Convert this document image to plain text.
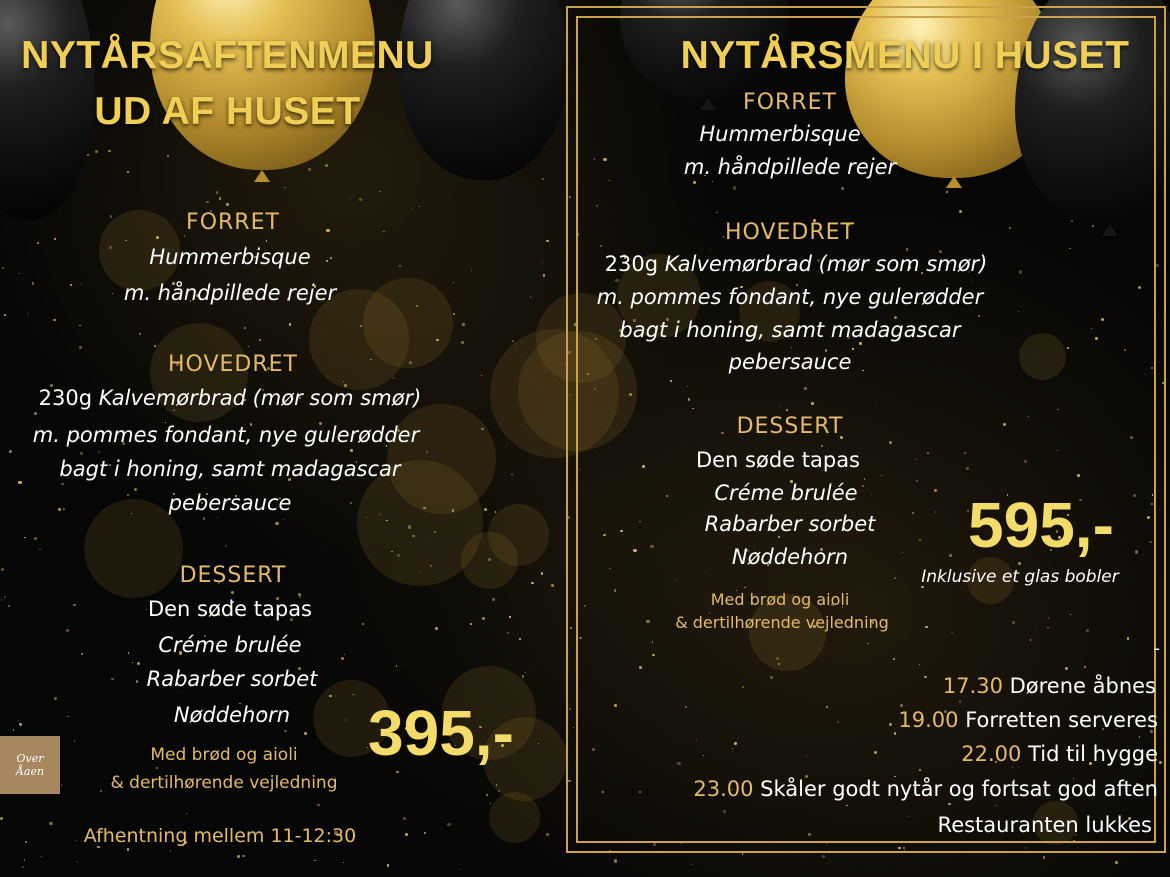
NYTÅRSAFTENMENU
UD AF HUSET
FORRET
Hummerbisque
m. håndpillede rejer
HOVEDRET
230g Kalvemørbrad (mør som smør)
m. pommes fondant, nye gulerødder
bagt i honing, samt madagascar
pebersauce
DESSERT
Den søde tapas
Créme brulée
Rabarber sorbet
Nøddehorn
Med brød og aioli
& dertilhørende vejledning
Afhentning mellem 11-12:30
395,-
Over
Åaen
NYTÅRSMENU I HUSET
FORRET
Hummerbisque
m. håndpillede rejer
HOVEDRET
230g Kalvemørbrad (mør som smør)
m. pommes fondant, nye gulerødder
bagt i honing, samt madagascar
pebersauce
DESSERT
Den søde tapas
Créme brulée
Rabarber sorbet
Nøddehorn
Med brød og aioli
& dertilhørende vejledning
595,-
Inklusive et glas bobler
-
17.30 Dørene åbnes
19.00 Forretten serveres
22.00 Tid til hygge
23.00 Skåler godt nytår og fortsat god aften
Restauranten lukkes
